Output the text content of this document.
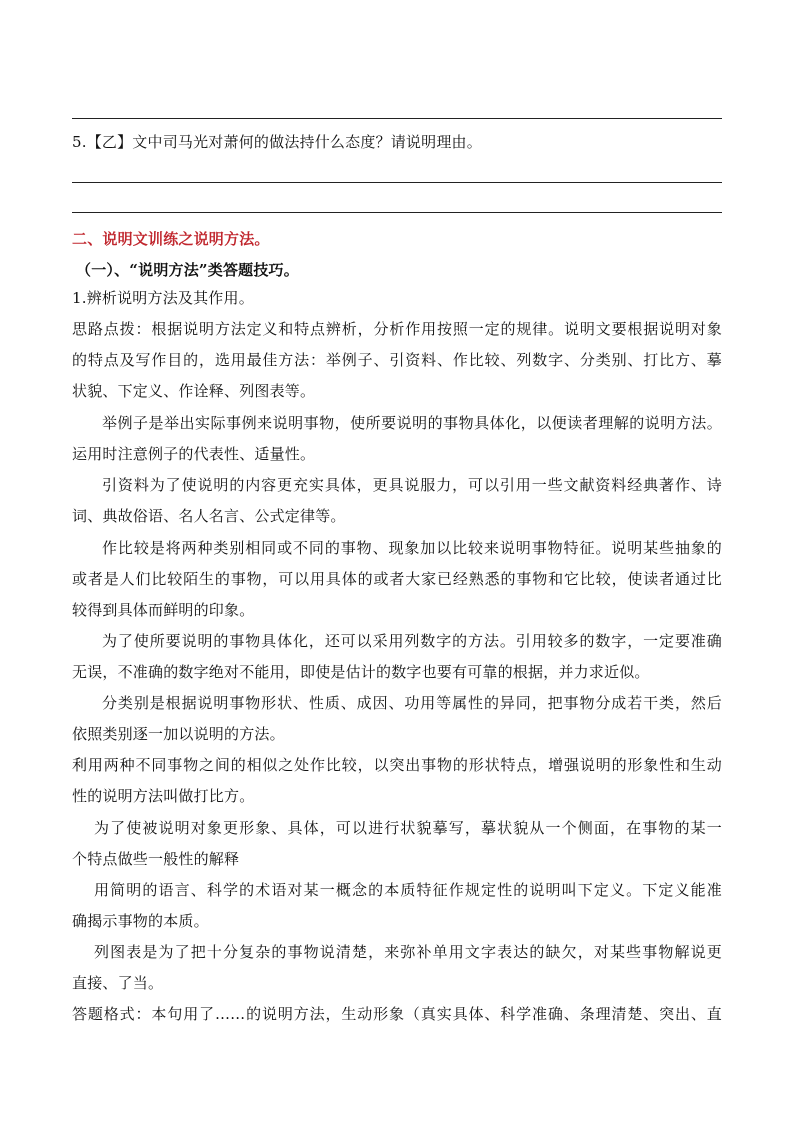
5.【乙】文中司马光对萧何的做法持什么态度？请说明理由。
二、说明文训练之说明方法。
（一）、“说明方法”类答题技巧。
1.辨析说明方法及其作用。
思路点拨：根据说明方法定义和特点辨析，分析作用按照一定的规律。说明文要根据说明对象
的特点及写作目的，选用最佳方法：举例子、引资料、作比较、列数字、分类别、打比方、摹
状貌、下定义、作诠释、列图表等。
举例子是举出实际事例来说明事物，使所要说明的事物具体化，以便读者理解的说明方法。
运用时注意例子的代表性、适量性。
引资料为了使说明的内容更充实具体，更具说服力，可以引用一些文献资料经典著作、诗
词、典故俗语、名人名言、公式定律等。
作比较是将两种类别相同或不同的事物、现象加以比较来说明事物特征。说明某些抽象的
或者是人们比较陌生的事物，可以用具体的或者大家已经熟悉的事物和它比较，使读者通过比
较得到具体而鲜明的印象。
为了使所要说明的事物具体化，还可以采用列数字的方法。引用较多的数字，一定要准确
无误，不准确的数字绝对不能用，即使是估计的数字也要有可靠的根据，并力求近似。
分类别是根据说明事物形状、性质、成因、功用等属性的异同，把事物分成若干类，然后
依照类别逐一加以说明的方法。
利用两种不同事物之间的相似之处作比较，以突出事物的形状特点，增强说明的形象性和生动
性的说明方法叫做打比方。
为了使被说明对象更形象、具体，可以进行状貌摹写，摹状貌从一个侧面，在事物的某一
个特点做些一般性的解释
用简明的语言、科学的术语对某一概念的本质特征作规定性的说明叫下定义。下定义能准
确揭示事物的本质。
列图表是为了把十分复杂的事物说清楚，来弥补单用文字表达的缺欠，对某些事物解说更
直接、了当。
答题格式：本句用了……的说明方法，生动形象（真实具体、科学准确、条理清楚、突出、直
